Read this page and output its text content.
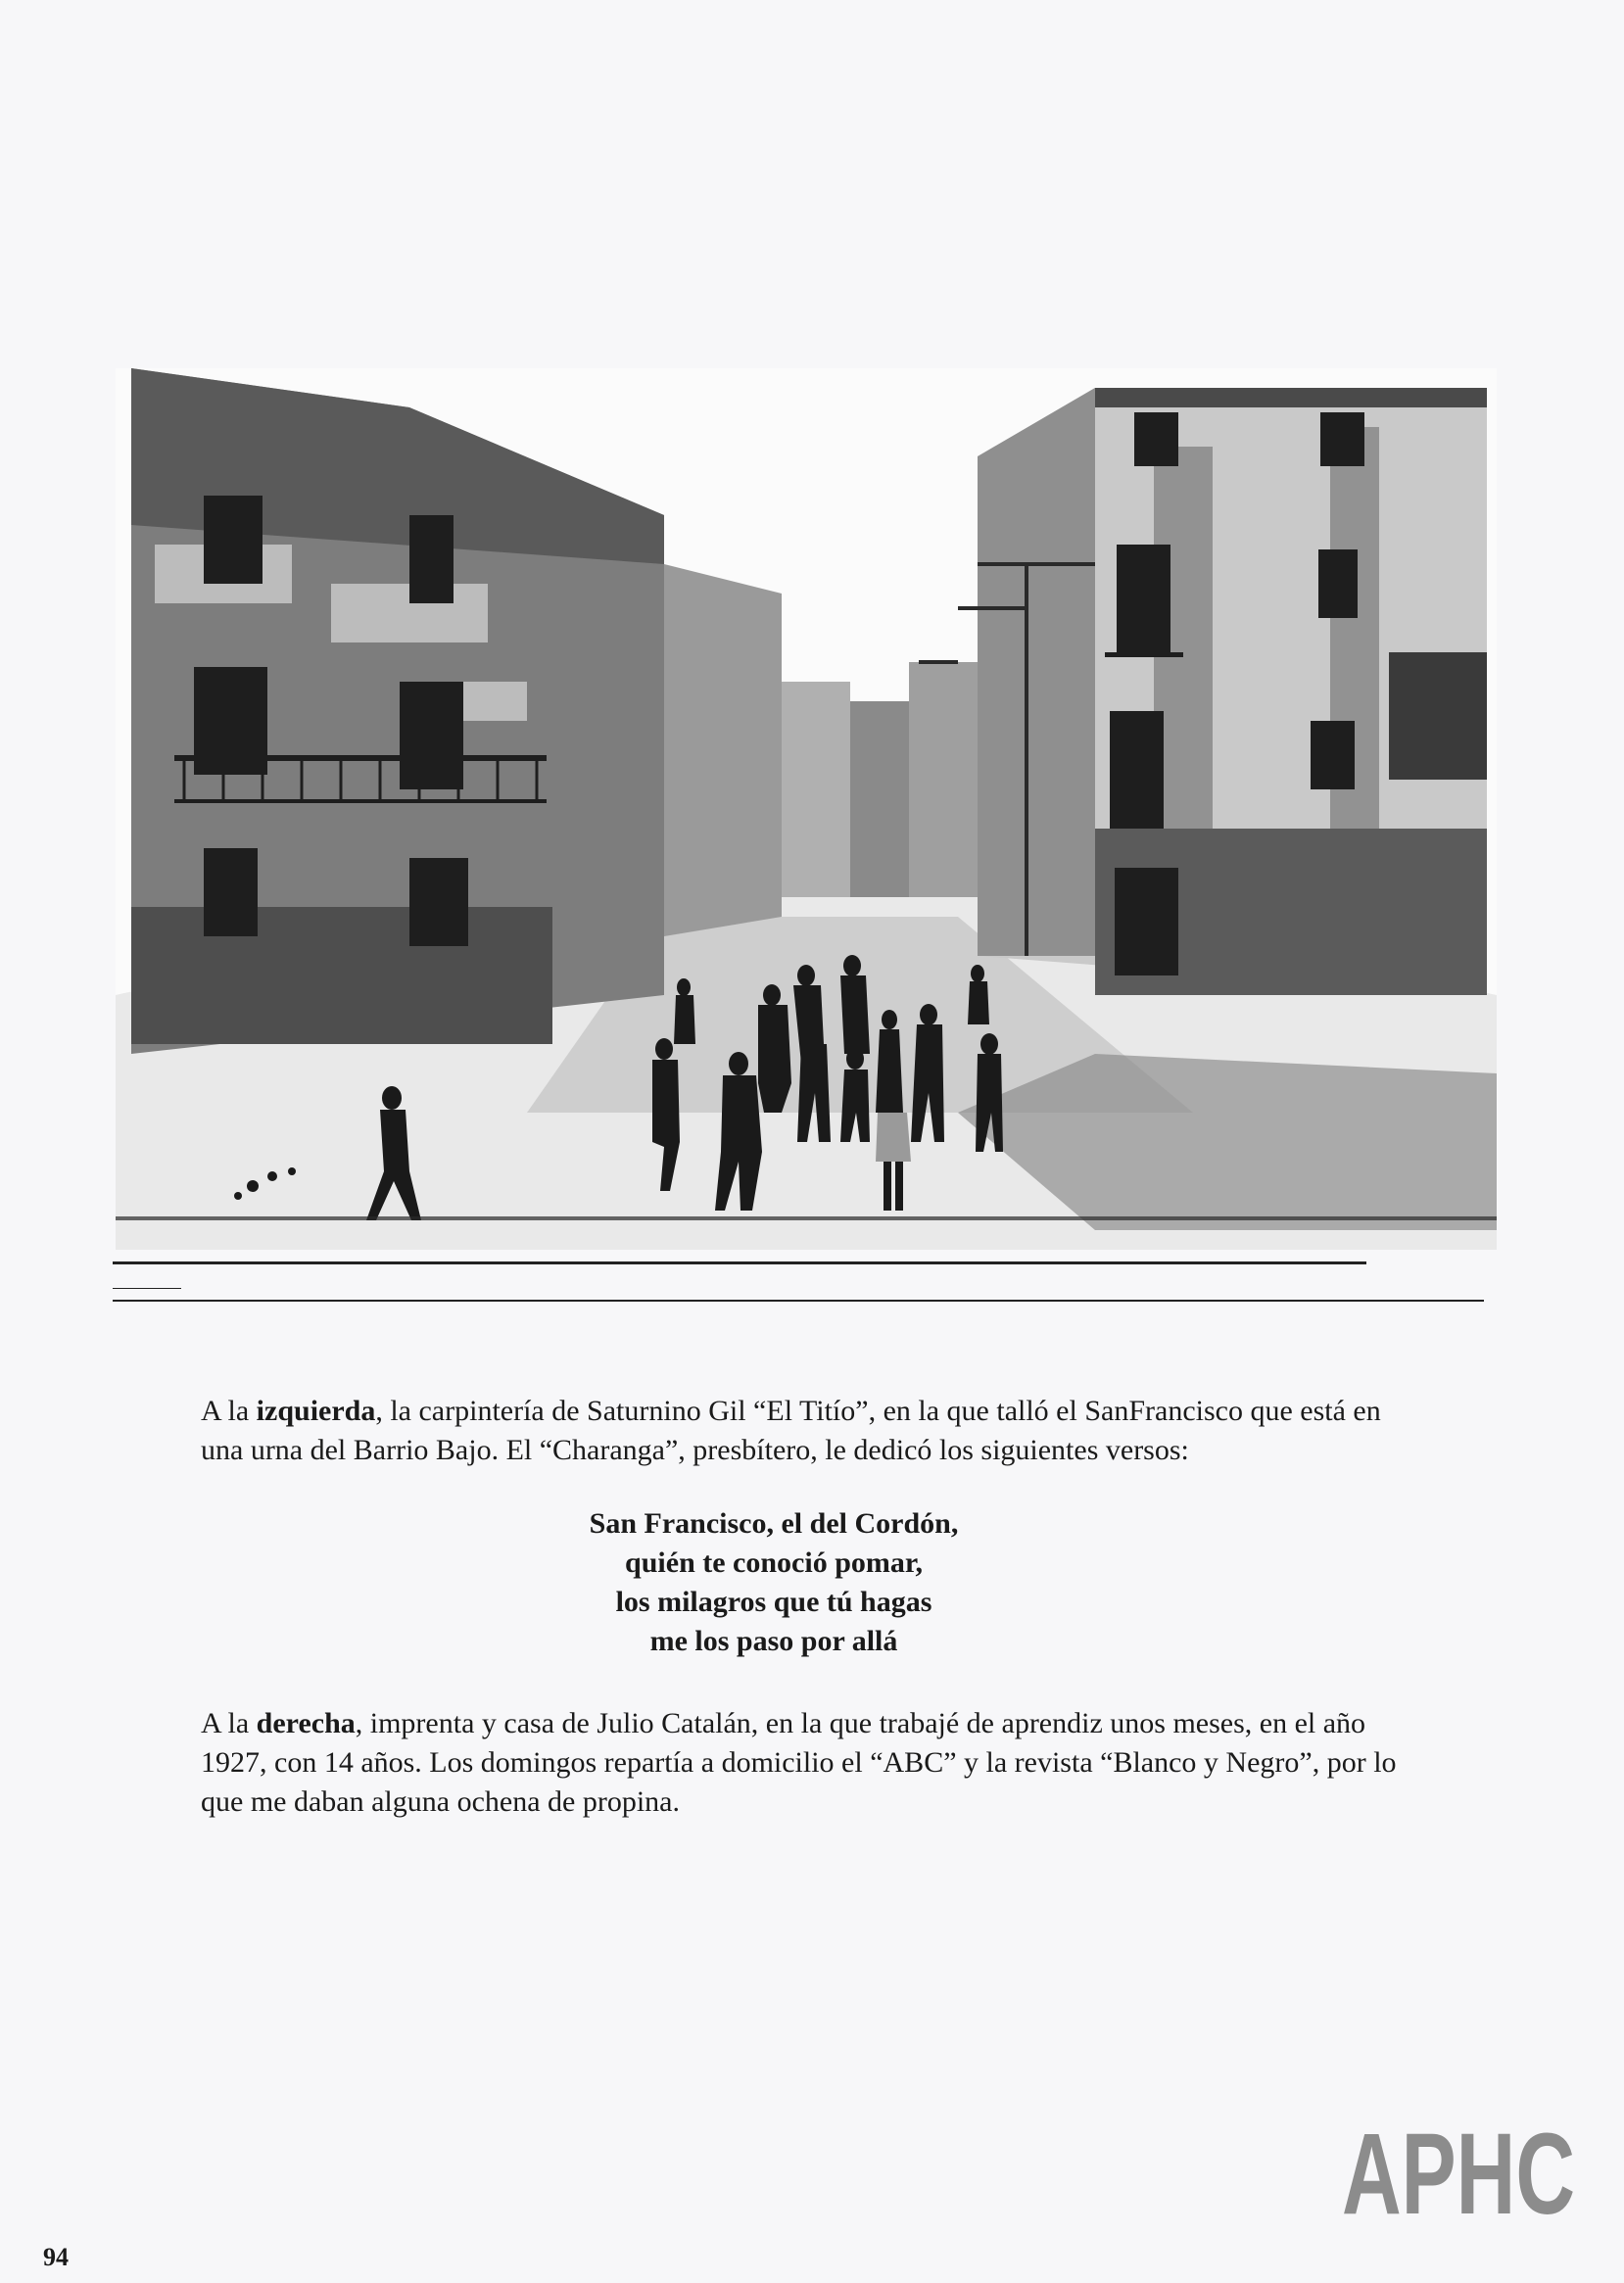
A la izquierda, la carpintería de Saturnino Gil “El Titío”, en la que talló el SanFrancisco que está en una urna del Barrio Bajo. El “Charanga”, presbítero, le dedicó los siguientes versos:

San Francisco, el del Cordón,
quién te conoció pomar,
los milagros que tú hagas
me los paso por allá

A la derecha, imprenta y casa de Julio Catalán, en la que trabajé de aprendiz unos meses, en el año 1927, con 14 años. Los domingos repartía a domicilio el “ABC” y la revista “Blanco y Negro”, por lo que me daban alguna ochena de propina.

94
APHC
